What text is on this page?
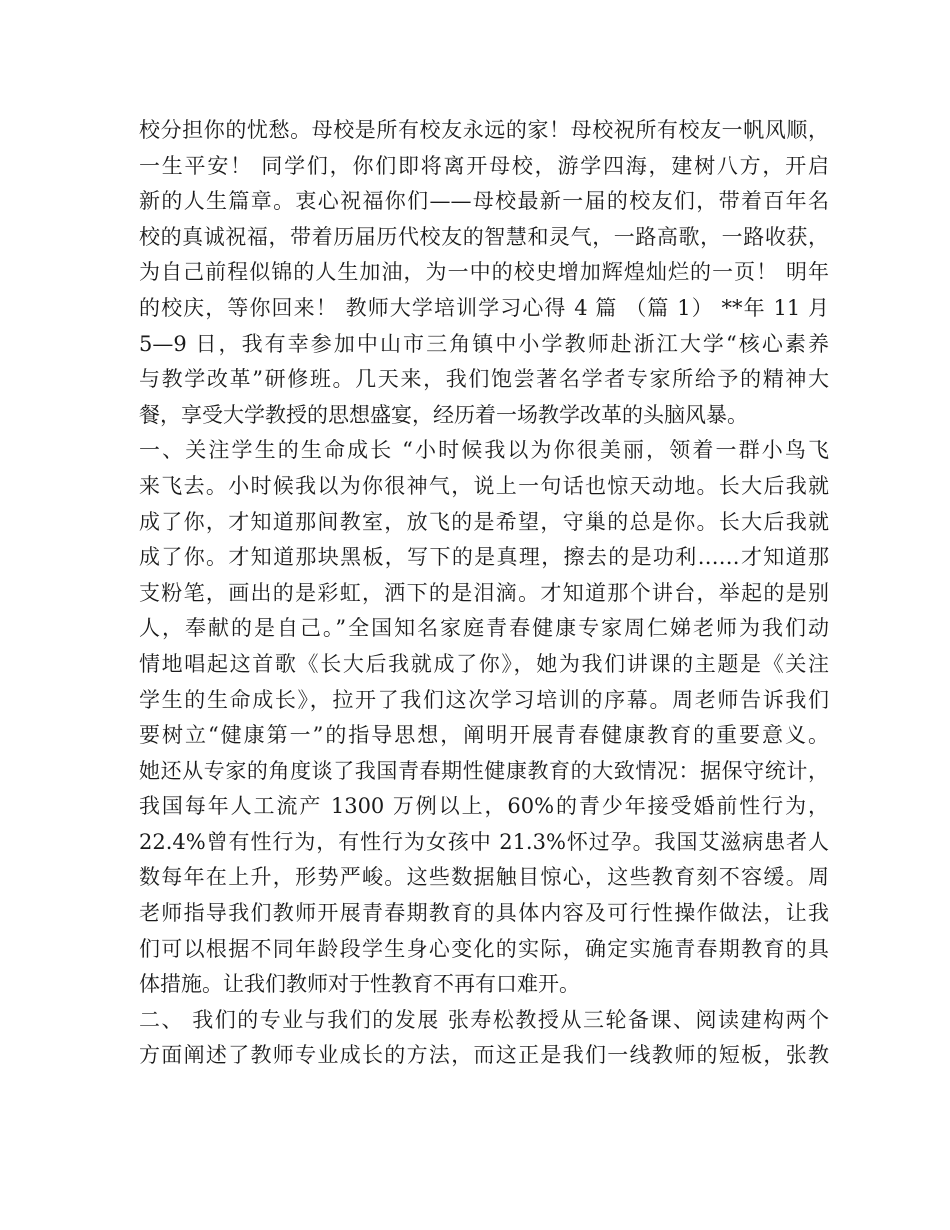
校分担你的忧愁。母校是所有校友永远的家！母校祝所有校友一帆风顺，
一生平安！ 同学们，你们即将离开母校，游学四海，建树八方，开启
新的人生篇章。衷心祝福你们——母校最新一届的校友们，带着百年名
校的真诚祝福，带着历届历代校友的智慧和灵气，一路高歌，一路收获，
为自己前程似锦的人生加油，为一中的校史增加辉煌灿烂的一页！ 明年
的校庆，等你回来！ 教师大学培训学习心得 4 篇 （篇 1） **年 11 月
5—9 日，我有幸参加中山市三角镇中小学教师赴浙江大学“核心素养
与教学改革”研修班。几天来，我们饱尝著名学者专家所给予的精神大
餐，享受大学教授的思想盛宴，经历着一场教学改革的头脑风暴。
一、关注学生的生命成长 “小时候我以为你很美丽，领着一群小鸟飞
来飞去。小时候我以为你很神气，说上一句话也惊天动地。长大后我就
成了你，才知道那间教室，放飞的是希望，守巢的总是你。长大后我就
成了你。才知道那块黑板，写下的是真理，擦去的是功利……才知道那
支粉笔，画出的是彩虹，洒下的是泪滴。才知道那个讲台，举起的是别
人，奉献的是自己。”全国知名家庭青春健康专家周仁娣老师为我们动
情地唱起这首歌《长大后我就成了你》，她为我们讲课的主题是《关注
学生的生命成长》，拉开了我们这次学习培训的序幕。周老师告诉我们
要树立“健康第一”的指导思想，阐明开展青春健康教育的重要意义。
她还从专家的角度谈了我国青春期性健康教育的大致情况：据保守统计，
我国每年人工流产 1300 万例以上，60%的青少年接受婚前性行为，
22.4%曾有性行为，有性行为女孩中 21.3%怀过孕。我国艾滋病患者人
数每年在上升，形势严峻。这些数据触目惊心，这些教育刻不容缓。周
老师指导我们教师开展青春期教育的具体内容及可行性操作做法，让我
们可以根据不同年龄段学生身心变化的实际，确定实施青春期教育的具
体措施。让我们教师对于性教育不再有口难开。
二、 我们的专业与我们的发展 张寿松教授从三轮备课、阅读建构两个
方面阐述了教师专业成长的方法，而这正是我们一线教师的短板，张教
